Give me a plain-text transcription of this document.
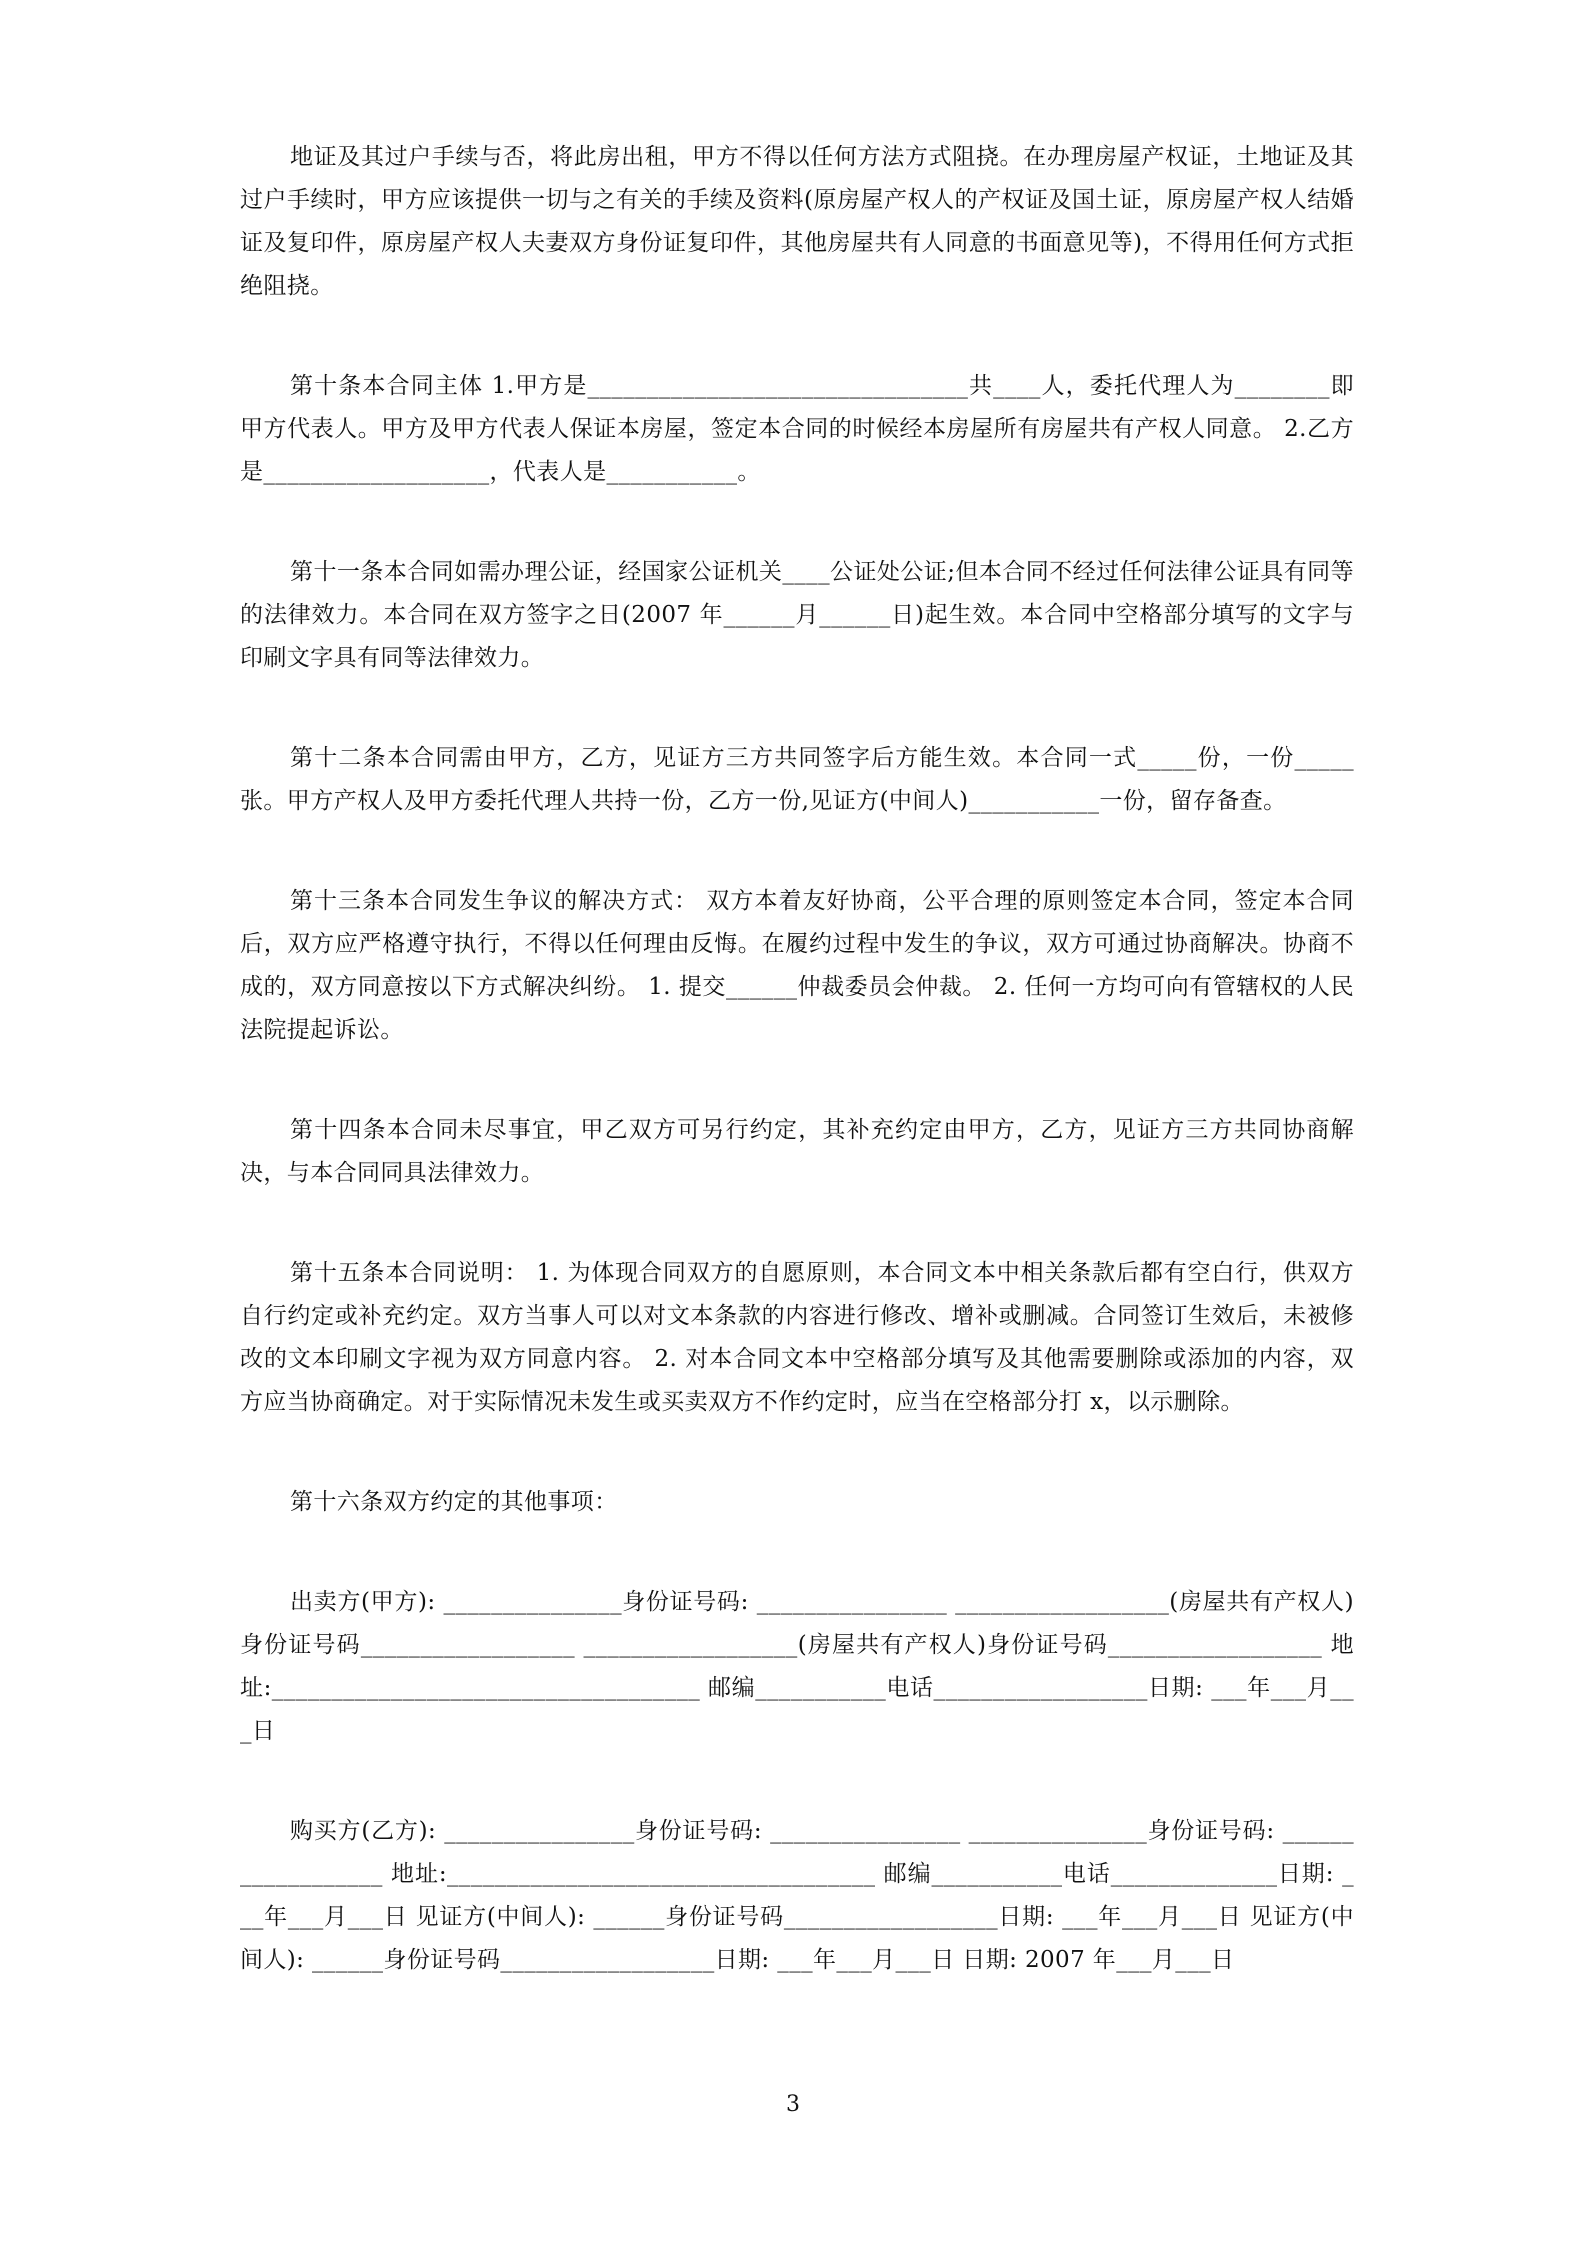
地证及其过户手续与否，将此房出租，甲方不得以任何方法方式阻挠。在办理房屋产权证，土地证及其过户手续时，甲方应该提供一切与之有关的手续及资料(原房屋产权人的产权证及国土证，原房屋产权人结婚证及复印件，原房屋产权人夫妻双方身份证复印件，其他房屋共有人同意的书面意见等)，不得用任何方式拒绝阻挠。

第十条本合同主体 1.甲方是________________________________共____人，委托代理人为________即甲方代表人。甲方及甲方代表人保证本房屋，签定本合同的时候经本房屋所有房屋共有产权人同意。 2.乙方是___________________，代表人是___________。

第十一条本合同如需办理公证，经国家公证机关____公证处公证;但本合同不经过任何法律公证具有同等的法律效力。本合同在双方签字之日(2007 年______月______日)起生效。本合同中空格部分填写的文字与印刷文字具有同等法律效力。

第十二条本合同需由甲方，乙方，见证方三方共同签字后方能生效。本合同一式_____份，一份_____张。甲方产权人及甲方委托代理人共持一份，乙方一份,见证方(中间人)___________一份，留存备查。

第十三条本合同发生争议的解决方式： 双方本着友好协商，公平合理的原则签定本合同，签定本合同后，双方应严格遵守执行，不得以任何理由反悔。在履约过程中发生的争议，双方可通过协商解决。协商不成的，双方同意按以下方式解决纠纷。 1. 提交______仲裁委员会仲裁。 2. 任何一方均可向有管辖权的人民法院提起诉讼。

第十四条本合同未尽事宜，甲乙双方可另行约定，其补充约定由甲方，乙方，见证方三方共同协商解决，与本合同同具法律效力。

第十五条本合同说明： 1. 为体现合同双方的自愿原则，本合同文本中相关条款后都有空白行，供双方自行约定或补充约定。双方当事人可以对文本条款的内容进行修改、增补或删减。合同签订生效后，未被修改的文本印刷文字视为双方同意内容。 2. 对本合同文本中空格部分填写及其他需要删除或添加的内容，双方应当协商确定。对于实际情况未发生或买卖双方不作约定时，应当在空格部分打 x，以示删除。

第十六条双方约定的其他事项：

出卖方(甲方): _______________身份证号码: ________________ __________________(房屋共有产权人)身份证号码__________________ __________________(房屋共有产权人)身份证号码__________________ 地址:____________________________________ 邮编___________电话__________________日期: ___年___月___日

购买方(乙方): ________________身份证号码: ________________ _______________身份证号码: __________________ 地址:____________________________________ 邮编___________电话______________日期: ___年___月___日 见证方(中间人): ______身份证号码__________________日期: ___年___月___日 见证方(中间人): ______身份证号码__________________日期: ___年___月___日 日期: 2007 年___月___日

3
